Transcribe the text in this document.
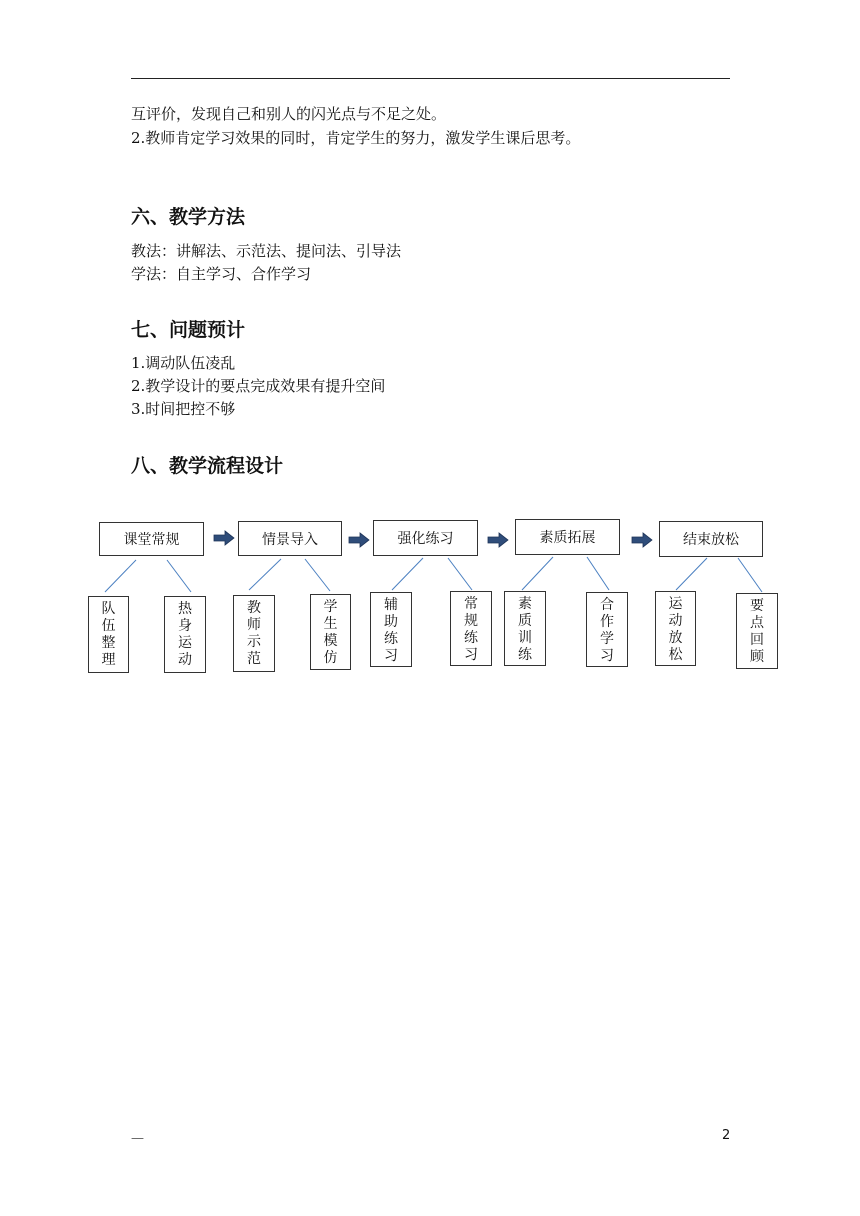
互评价，发现自己和别人的闪光点与不足之处。
2.教师肯定学习效果的同时，肯定学生的努力，激发学生课后思考。
六、教学方法
教法：讲解法、示范法、提问法、引导法
学法：自主学习、合作学习
七、问题预计
1.调动队伍凌乱
2.教学设计的要点完成效果有提升空间
3.时间把控不够
八、教学流程设计
课堂常规	情景导入	强化练习	素质拓展	结束放松
队
伍
整
理
热
身
运
动
教
师
示
范
学
生
模
仿
辅
助
练
习
常
规
练
习
素
质
训
练
合
作
学
习
运
动
放
松
要
点
回
顾
—	2
